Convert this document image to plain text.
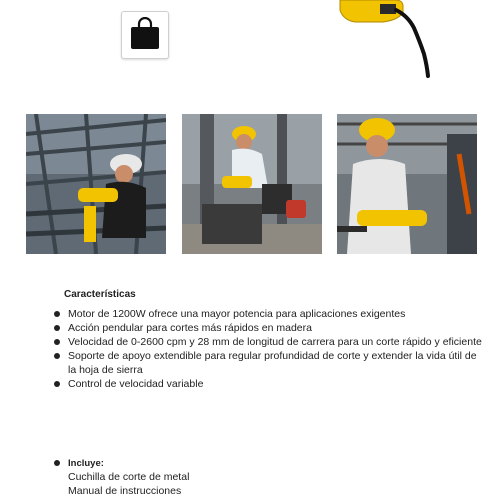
Características
Motor de 1200W ofrece una mayor potencia para aplicaciones exigentes
Acción pendular para cortes más rápidos en madera
Velocidad de 0-2600 cpm y 28 mm de longitud de carrera para un corte rápido y eficiente
Soporte de apoyo extendible para regular profundidad de corte y extender la vida útil de la hoja de sierra
Control de velocidad variable
Incluye:
Cuchilla de corte de metal
Manual de instrucciones
